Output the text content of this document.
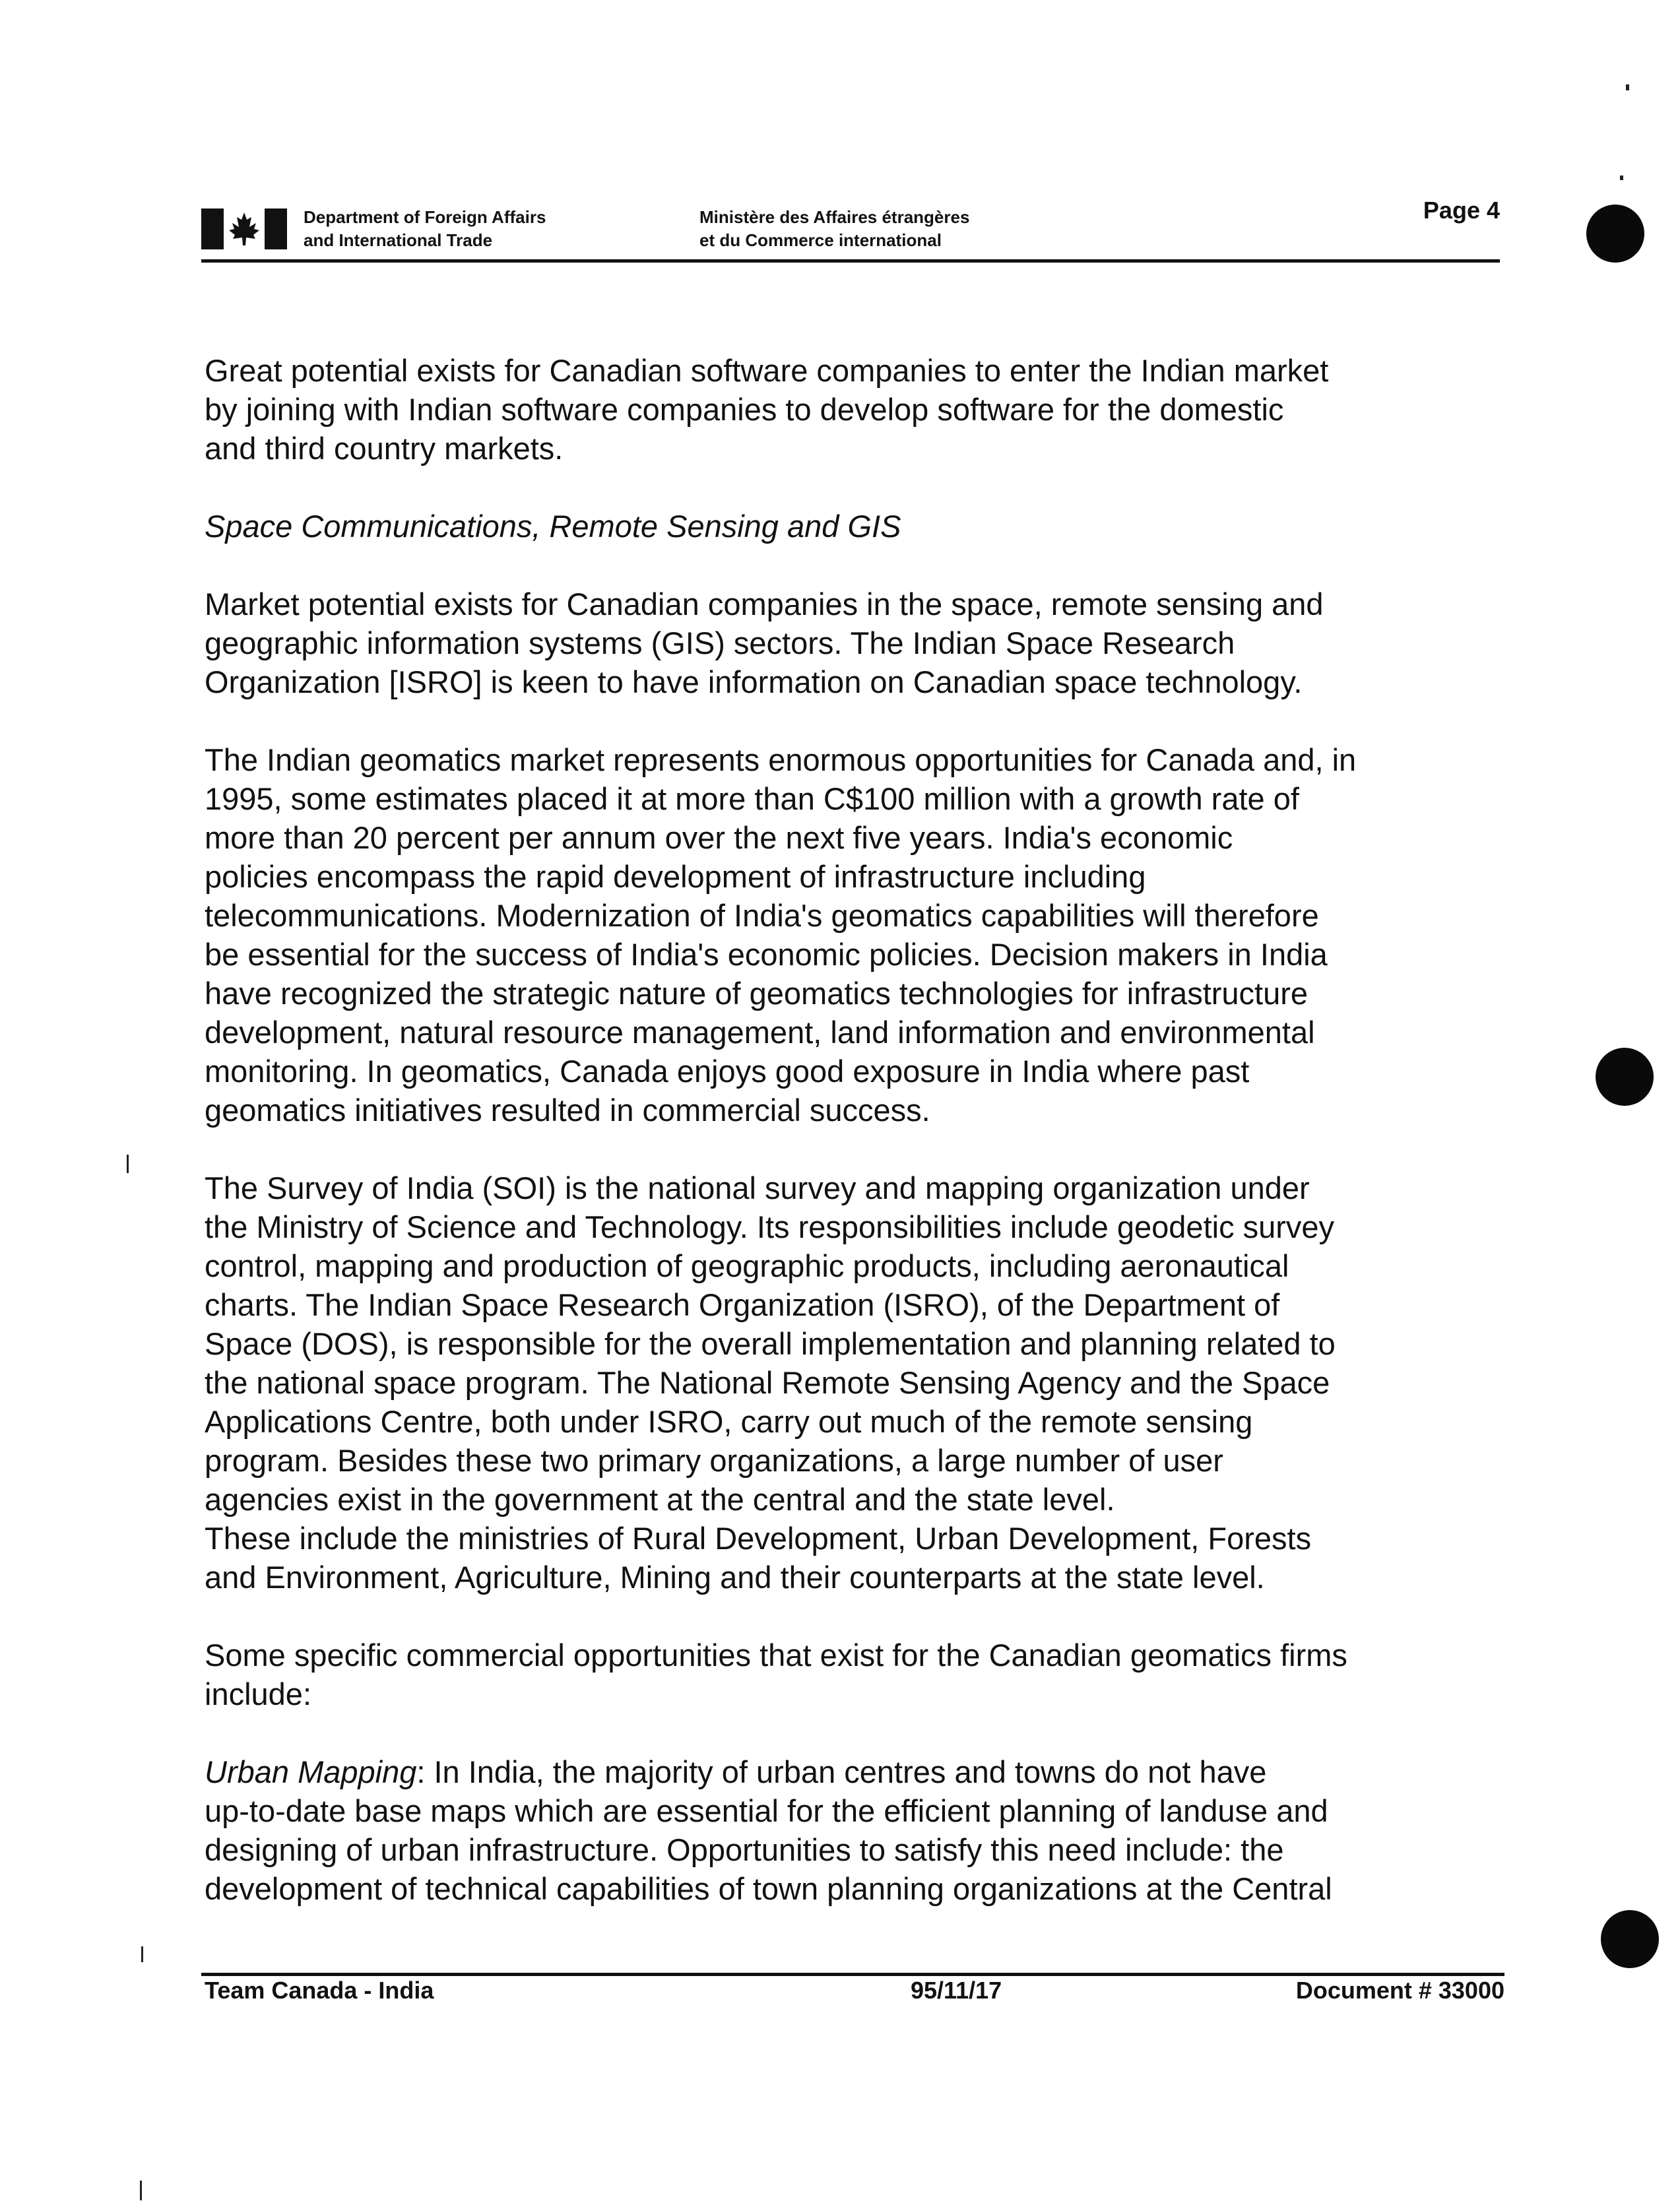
Department of Foreign Affairs
and International Trade
Ministère des Affaires étrangères
et du Commerce international
Page 4

Great potential exists for Canadian software companies to enter the Indian market
by joining with Indian software companies to develop software for the domestic
and third country markets.

Space Communications, Remote Sensing and GIS

Market potential exists for Canadian companies in the space, remote sensing and
geographic information systems (GIS) sectors. The Indian Space Research
Organization [ISRO] is keen to have information on Canadian space technology.

The Indian geomatics market represents enormous opportunities for Canada and, in
1995, some estimates placed it at more than C$100 million with a growth rate of
more than 20 percent per annum over the next five years. India's economic
policies encompass the rapid development of infrastructure including
telecommunications. Modernization of India's geomatics capabilities will therefore
be essential for the success of India's economic policies. Decision makers in India
have recognized the strategic nature of geomatics technologies for infrastructure
development, natural resource management, land information and environmental
monitoring. In geomatics, Canada enjoys good exposure in India where past
geomatics initiatives resulted in commercial success.

The Survey of India (SOI) is the national survey and mapping organization under
the Ministry of Science and Technology. Its responsibilities include geodetic survey
control, mapping and production of geographic products, including aeronautical
charts. The Indian Space Research Organization (ISRO), of the Department of
Space (DOS), is responsible for the overall implementation and planning related to
the national space program. The National Remote Sensing Agency and the Space
Applications Centre, both under ISRO, carry out much of the remote sensing
program. Besides these two primary organizations, a large number of user
agencies exist in the government at the central and the state level.
These include the ministries of Rural Development, Urban Development, Forests
and Environment, Agriculture, Mining and their counterparts at the state level.

Some specific commercial opportunities that exist for the Canadian geomatics firms
include:

Urban Mapping: In India, the majority of urban centres and towns do not have
up-to-date base maps which are essential for the efficient planning of landuse and
designing of urban infrastructure. Opportunities to satisfy this need include: the
development of technical capabilities of town planning organizations at the Central

Team Canada - India	95/11/17	Document # 33000
